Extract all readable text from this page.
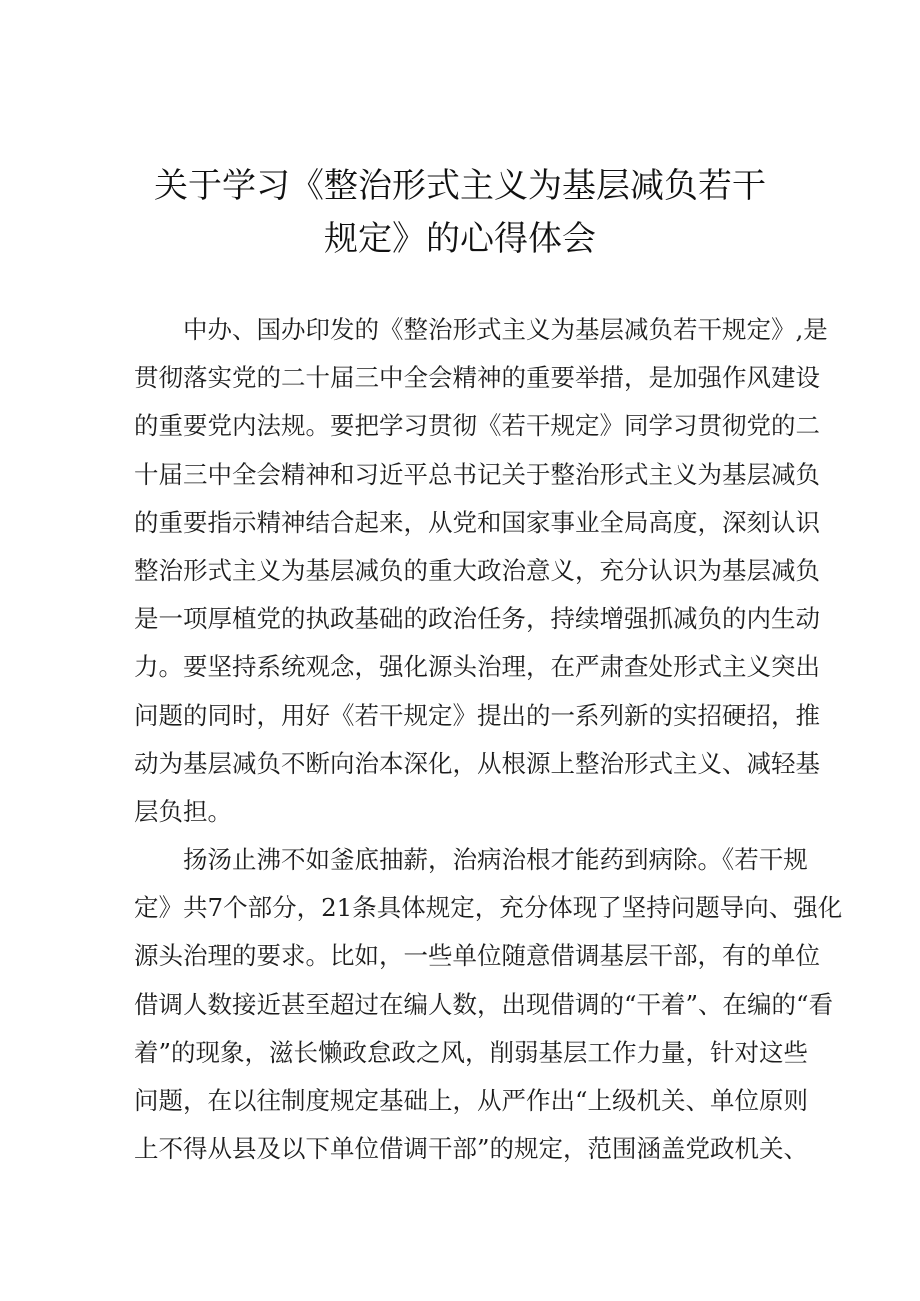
关于学习《整治形式主义为基层减负若干
规定》的心得体会
中办、国办印发的《整治形式主义为基层减负若干规定》,是
贯彻落实党的二十届三中全会精神的重要举措，是加强作风建设
的重要党内法规。要把学习贯彻《若干规定》同学习贯彻党的二
十届三中全会精神和习近平总书记关于整治形式主义为基层减负
的重要指示精神结合起来，从党和国家事业全局高度，深刻认识
整治形式主义为基层减负的重大政治意义，充分认识为基层减负
是一项厚植党的执政基础的政治任务，持续增强抓减负的内生动
力。要坚持系统观念，强化源头治理，在严肃查处形式主义突出
问题的同时，用好《若干规定》提出的一系列新的实招硬招，推
动为基层减负不断向治本深化，从根源上整治形式主义、减轻基
层负担。
扬汤止沸不如釜底抽薪，治病治根才能药到病除。《若干规
定》共7个部分，21条具体规定，充分体现了坚持问题导向、强化
源头治理的要求。比如，一些单位随意借调基层干部，有的单位
借调人数接近甚至超过在编人数，出现借调的“干着”、在编的“看
着”的现象，滋长懒政怠政之风，削弱基层工作力量，针对这些
问题，在以往制度规定基础上，从严作出“上级机关、单位原则
上不得从县及以下单位借调干部”的规定，范围涵盖党政机关、
